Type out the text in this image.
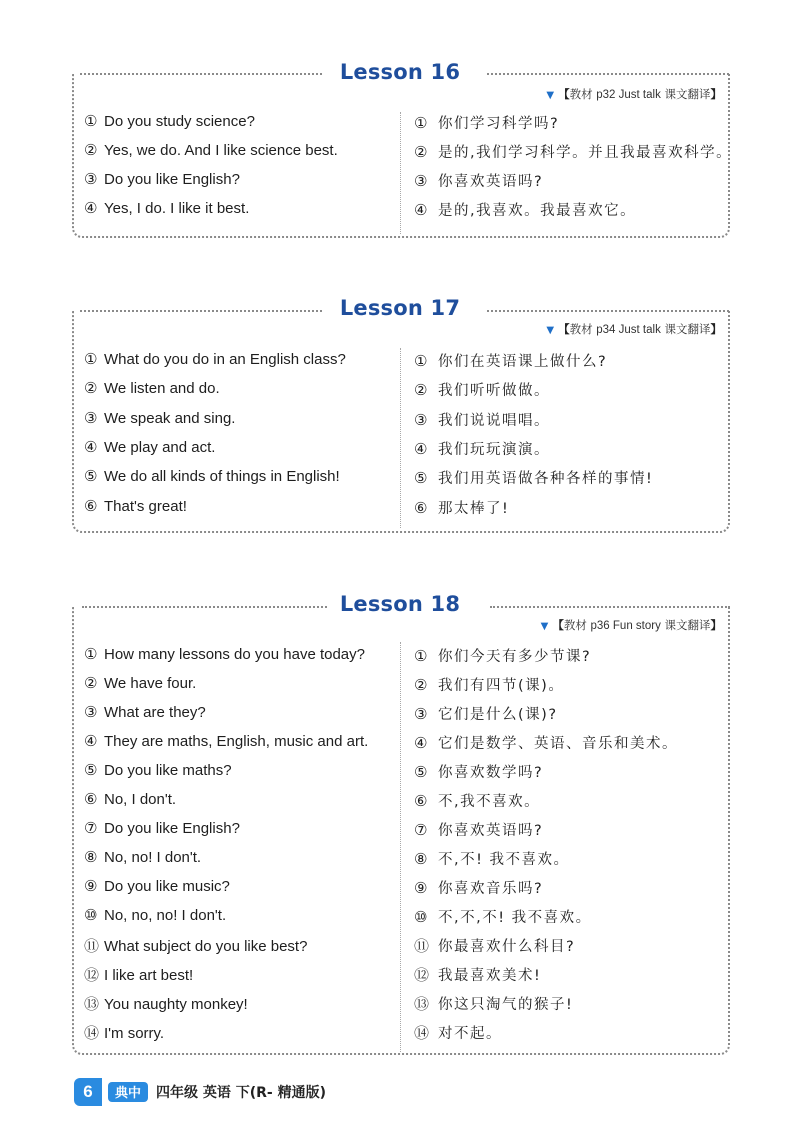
Lesson 16
▼ 【教材 p32 Just talk 课文翻译】
① Do you study science?	① 你们学习科学吗?
② Yes, we do. And I like science best.	② 是的,我们学习科学。并且我最喜欢科学。
③ Do you like English?	③ 你喜欢英语吗?
④ Yes, I do. I like it best.	④ 是的,我喜欢。我最喜欢它。
Lesson 17
▼ 【教材 p34 Just talk 课文翻译】
① What do you do in an English class?	① 你们在英语课上做什么?
② We listen and do.	② 我们听听做做。
③ We speak and sing.	③ 我们说说唱唱。
④ We play and act.	④ 我们玩玩演演。
⑤ We do all kinds of things in English!	⑤ 我们用英语做各种各样的事情!
⑥ That's great!	⑥ 那太棒了!
Lesson 18
▼ 【教材 p36 Fun story 课文翻译】
① How many lessons do you have today?	① 你们今天有多少节课?
② We have four.	② 我们有四节(课)。
③ What are they?	③ 它们是什么(课)?
④ They are maths, English, music and art.	④ 它们是数学、英语、音乐和美术。
⑤ Do you like maths?	⑤ 你喜欢数学吗?
⑥ No, I don't.	⑥ 不,我不喜欢。
⑦ Do you like English?	⑦ 你喜欢英语吗?
⑧ No, no! I don't.	⑧ 不,不! 我不喜欢。
⑨ Do you like music?	⑨ 你喜欢音乐吗?
⑩ No, no, no! I don't.	⑩ 不,不,不! 我不喜欢。
⑪ What subject do you like best?	⑪ 你最喜欢什么科目?
⑫ I like art best!	⑫ 我最喜欢美术!
⑬ You naughty monkey!	⑬ 你这只淘气的猴子!
⑭ I'm sorry.	⑭ 对不起。
6	典中 四年级 英语 下(R- 精通版)
